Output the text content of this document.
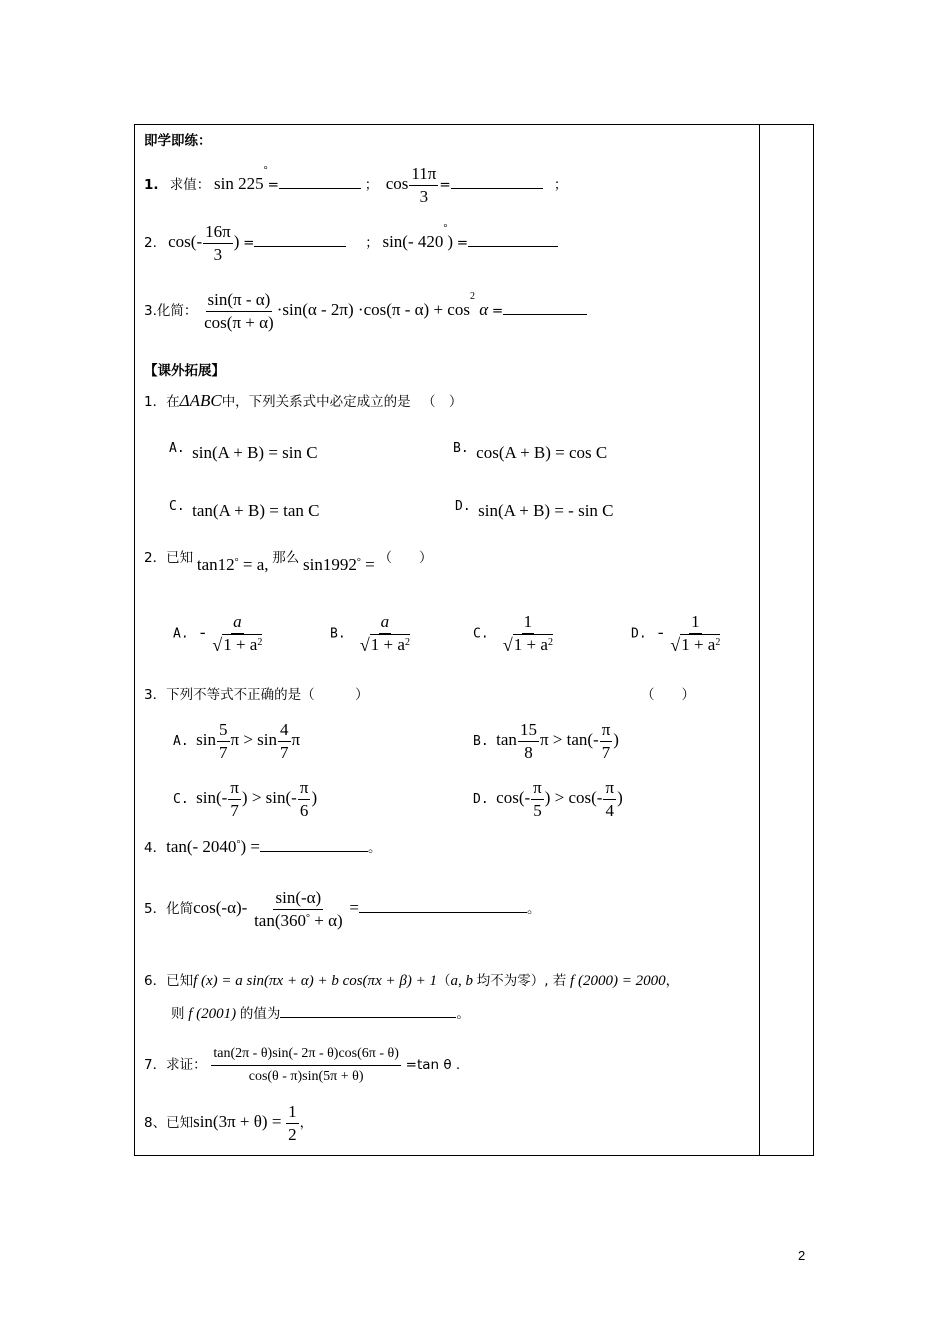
即学即练：
1. 求值： sin 225°=	； $\cos \frac{11\pi}{3}$ =	；
2. $\cos(- \frac{16\pi}{3}$ ) =	； sin(- 420°) =
3.化简： $\frac{\sin(\pi - \alpha)}{\cos(\pi + \alpha)} \cdot\sin(\alpha - 2\pi) \cdot\cos(\pi - \alpha) + \cos^2 \alpha$ =
【课外拓展】
1．在ΔABC中，下列关系式中必定成立的是 （　）
A. sin(A + B) = sin C	B. cos(A + B) = cos C
C. tan(A + B) = tan C	D. sin(A + B) = - sin C
2．已知 tan12° = a, 那么 sin1992° = （　　）
A. - $\frac{a}{√ 1 + a^2}$	B. $\frac{a}{√ 1 + a^2}$	C. $\frac{1}{√ 1 + a^2}$	D. - $\frac{1}{√ 1 + a^2}$
3．下列不等式不正确的是（　　　）	（　　）
A. $\sin \frac{5}{7}$ $\pi > \sin \frac{4}{7}$ π	B. $\tan \frac{15}{8}$ $\pi > \tan(- \frac{\pi}{7}$ )
C. $\sin(- \frac{\pi}{7}$ ) > $\sin(- \frac{\pi}{6}$ )	D. $\cos(- \frac{\pi}{5}$ ) > $\cos(- \frac{\pi}{4}$ )
4．tan(- 2040°) =	。
5．化简$\cos(-\alpha)- \frac{\sin(-\alpha)}{\tan(360^\circ + \alpha)}$ =	。
6．已知f (x) = a sin(πx + α) + b cos(πx + β) + 1（a, b 均不为零）, 若 f (2000) = 2000，
则 f (2001) 的值为	。
7．求证： $\frac{\tan(2\pi - \theta)\sin(- 2\pi - \theta)\cos(6\pi - \theta)}{\cos(\theta - \pi)\sin(5\pi + \theta)} =\tan$ θ .
8、已知$\sin(3\pi + \theta) = \frac{1}{2}$ ，
2
